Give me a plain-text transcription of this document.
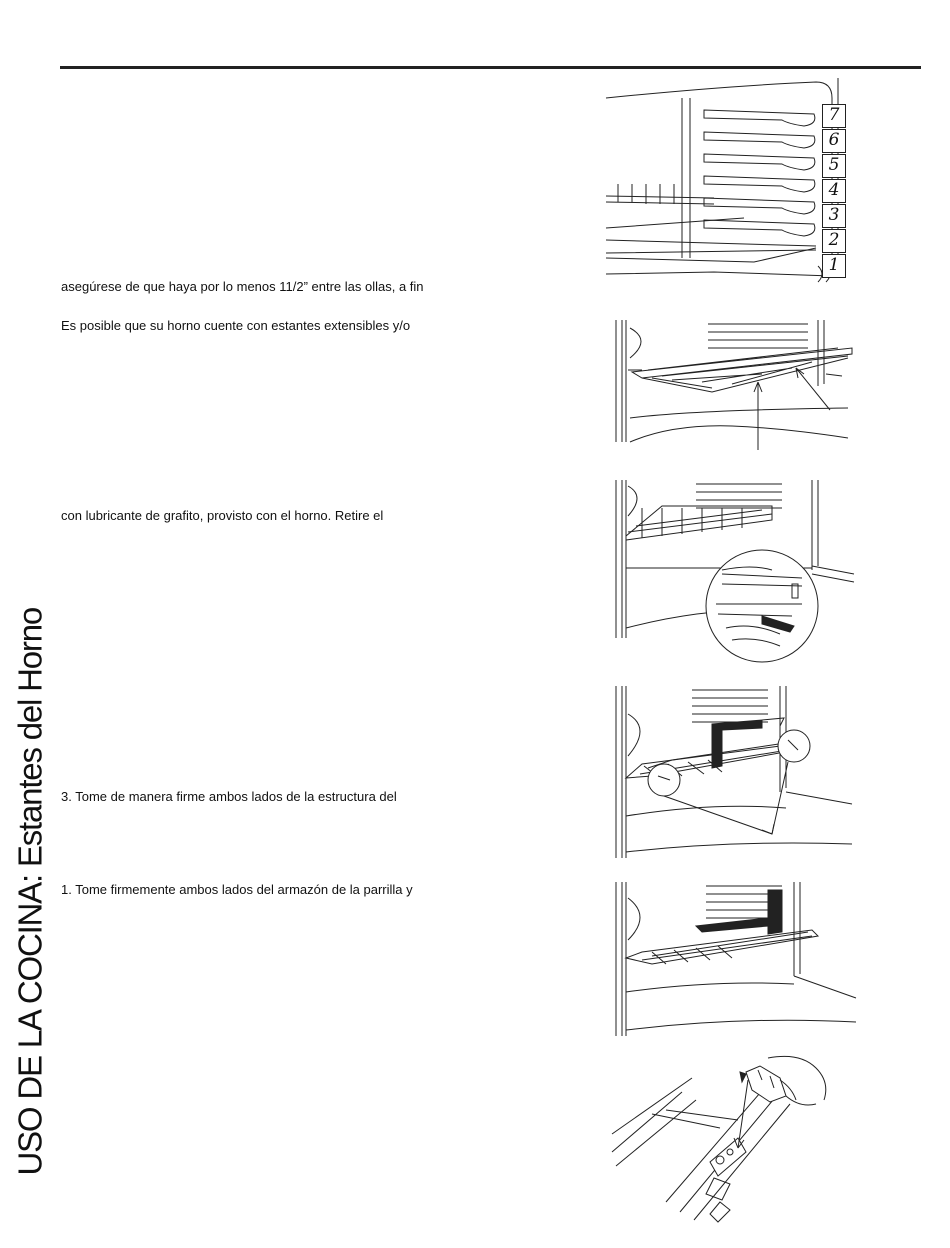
USO DE LA COCINA: Estantes del Horno
asegúrese de que haya por lo menos 11/2” entre las ollas, a fin
Es posible que su horno cuente con estantes extensibles y/o
con lubricante de grafito, provisto con el horno. Retire el
3. Tome de manera firme ambos lados de la estructura del
1. Tome firmemente ambos lados del armazón de la parrilla y
7
6
5
4
3
2
1
